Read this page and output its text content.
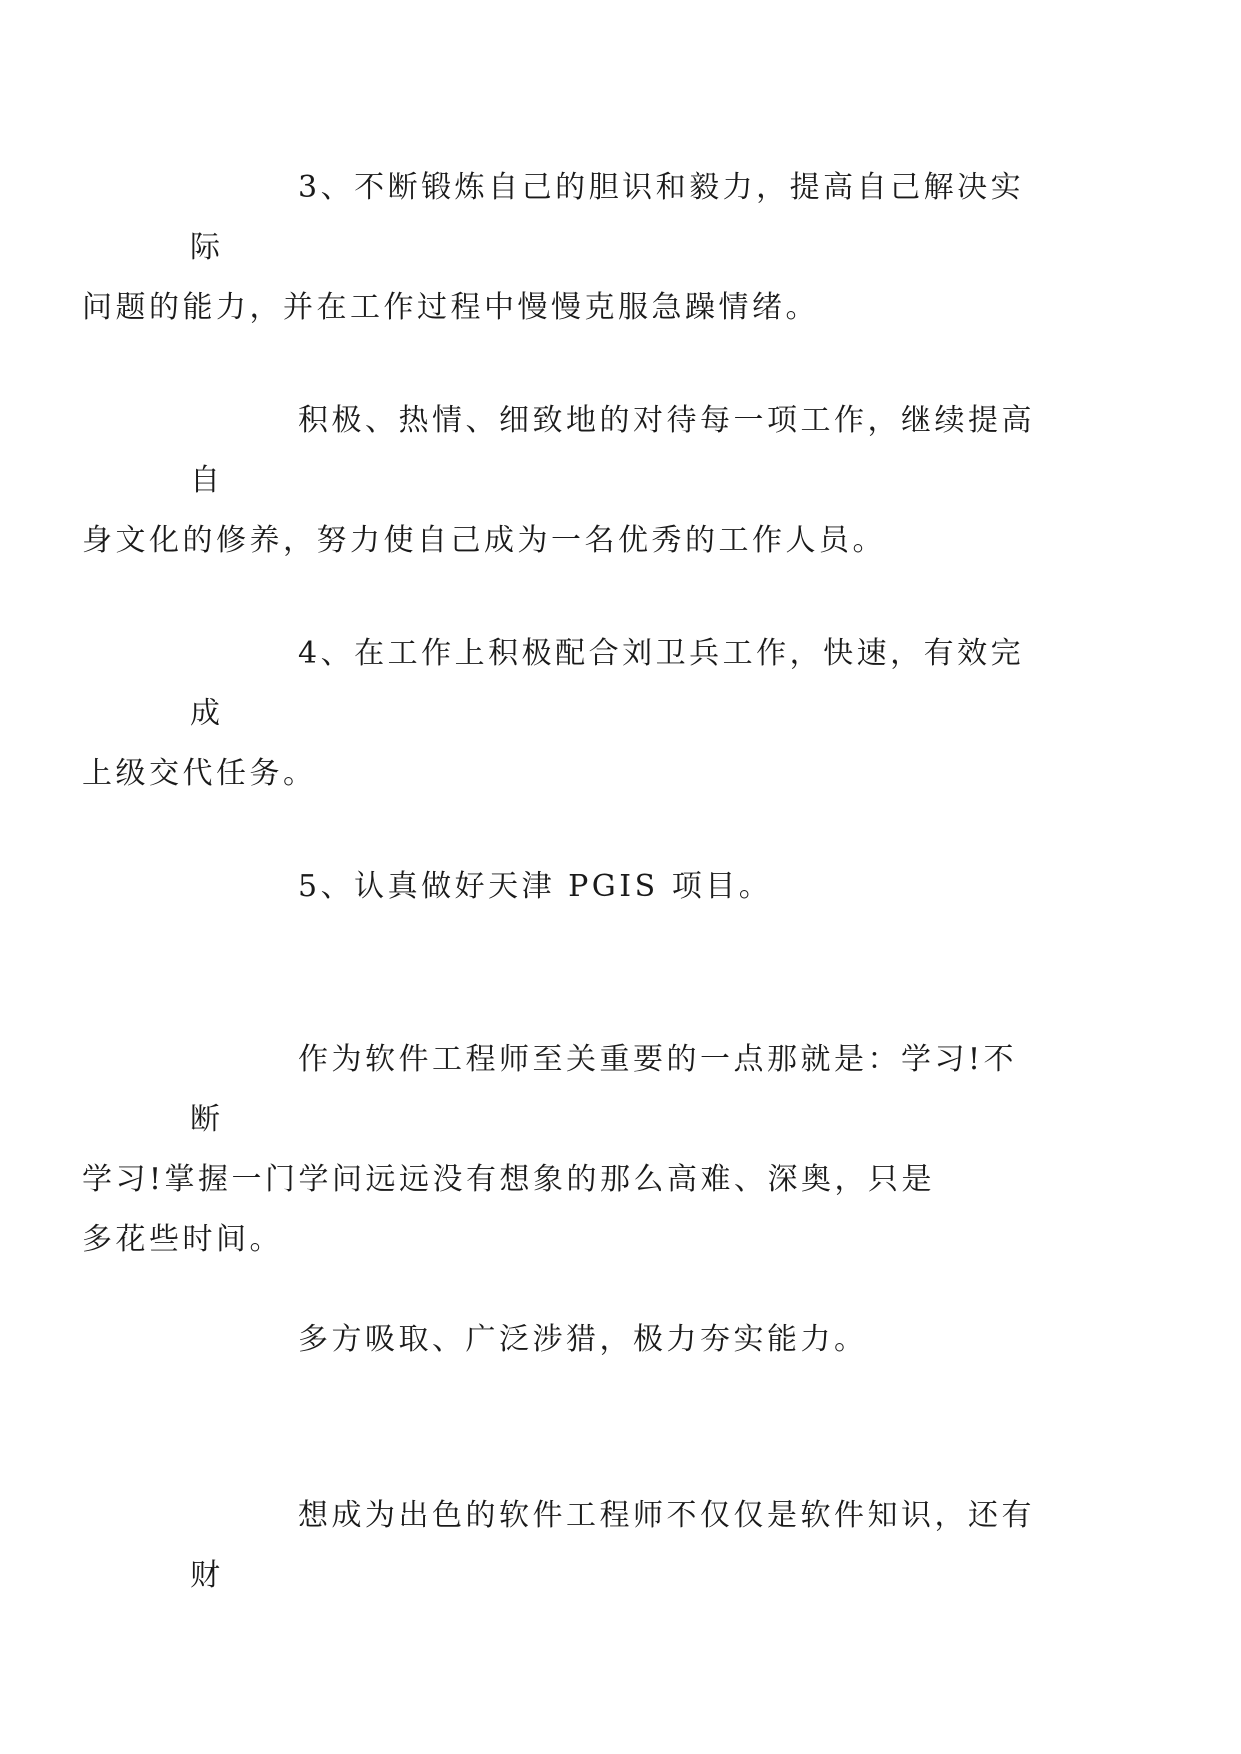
3、不断锻炼自己的胆识和毅力，提高自己解决实际
问题的能力，并在工作过程中慢慢克服急躁情绪。

积极、热情、细致地的对待每一项工作，继续提高自
身文化的修养，努力使自己成为一名优秀的工作人员。

4、在工作上积极配合刘卫兵工作，快速，有效完成
上级交代任务。

5、认真做好天津 PGIS 项目。

作为软件工程师至关重要的一点那就是：学习!不断
学习!掌握一门学问远远没有想象的那么高难、深奥，只是
多花些时间。

多方吸取、广泛涉猎，极力夯实能力。

想成为出色的软件工程师不仅仅是软件知识，还有财
